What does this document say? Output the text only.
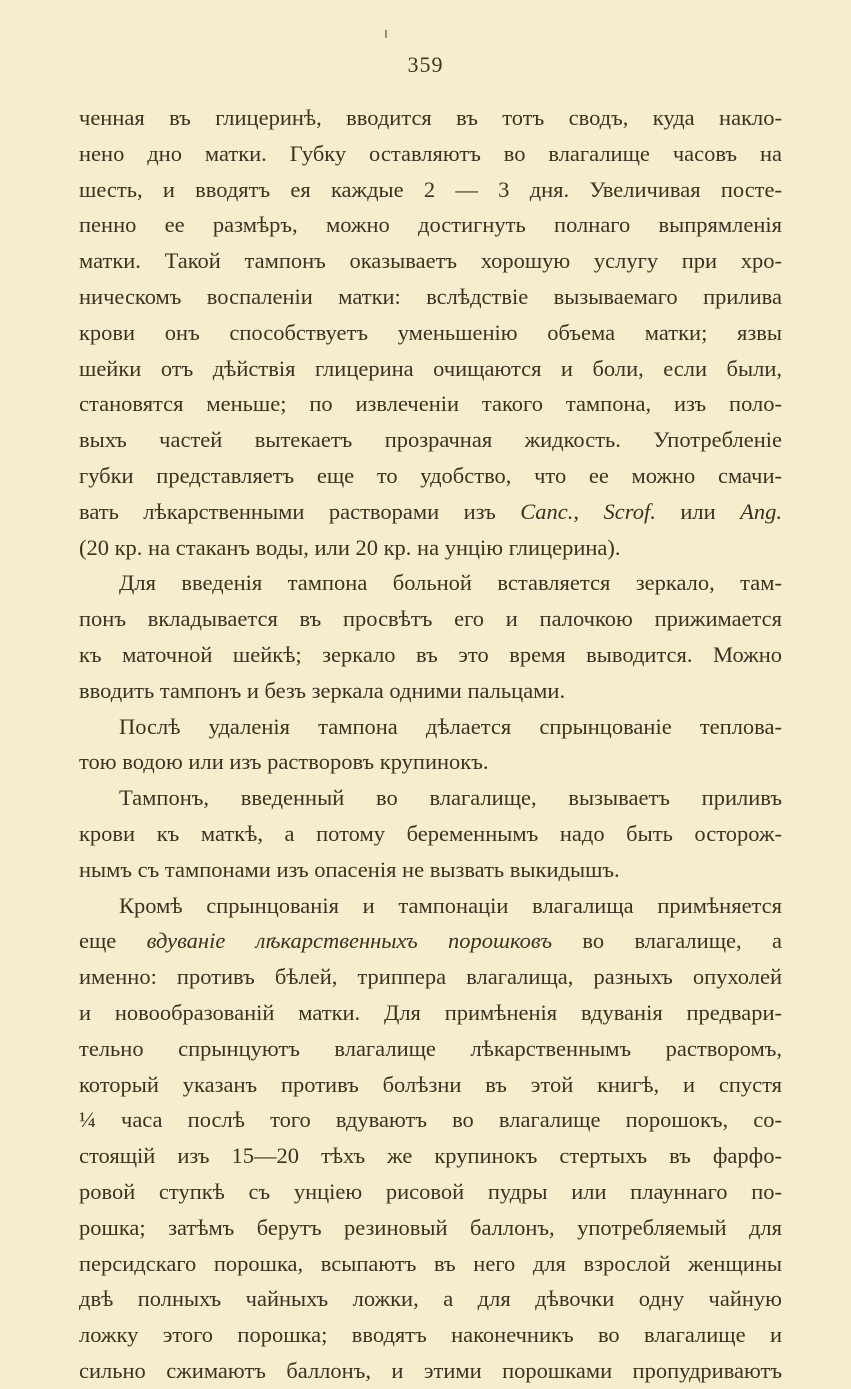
359
ченная въ глицеринѣ, вводится въ тотъ сводъ, куда накло-
нено дно матки. Губку оставляютъ во влагалище часовъ на
шесть, и вводятъ ея каждые 2 — 3 дня. Увеличивая посте-
пенно ее размѣръ, можно достигнуть полнаго выпрямленія
матки. Такой тампонъ оказываетъ хорошую услугу при хро-
ническомъ воспаленіи матки: вслѣдствіе вызываемаго прилива
крови онъ способствуетъ уменьшенію объема матки; язвы
шейки отъ дѣйствія глицерина очищаются и боли, если были,
становятся меньше; по извлеченіи такого тампона, изъ поло-
выхъ частей вытекаетъ прозрачная жидкость. Употребленіе
губки представляетъ еще то удобство, что ее можно смачи-
вать лѣкарственными растворами изъ Canc., Scrof. или Ang.
(20 кр. на стаканъ воды, или 20 кр. на унцію глицерина).
Для введенія тампона больной вставляется зеркало, там-
понъ вкладывается въ просвѣтъ его и палочкою прижимается
къ маточной шейкѣ; зеркало въ это время выводится. Можно
вводить тампонъ и безъ зеркала одними пальцами.
Послѣ удаленія тампона дѣлается спрынцованіе теплова-
тою водою или изъ растворовъ крупинокъ.
Тампонъ, введенный во влагалище, вызываетъ приливъ
крови къ маткѣ, а потому беременнымъ надо быть осторож-
нымъ съ тампонами изъ опасенія не вызвать выкидышъ.
Кромѣ спрынцованія и тампонаціи влагалища примѣняется
еще вдуваніе лѣкарственныхъ порошковъ во влагалище, а
именно: противъ бѣлей, триппера влагалища, разныхъ опухолей
и новообразованій матки. Для примѣненія вдуванія предвари-
тельно спрынцуютъ влагалище лѣкарственнымъ растворомъ,
который указанъ противъ болѣзни въ этой книгѣ, и спустя
¼ часа послѣ того вдуваютъ во влагалище порошокъ, со-
стоящій изъ 15—20 тѣхъ же крупинокъ стертыхъ въ фарфо-
ровой ступкѣ съ унціею рисовой пудры или плауннаго по-
рошка; затѣмъ берутъ резиновый баллонъ, употребляемый для
персидскаго порошка, всыпаютъ въ него для взрослой женщины
двѣ полныхъ чайныхъ ложки, а для дѣвочки одну чайную
ложку этого порошка; вводятъ наконечникъ во влагалище и
сильно сжимаютъ баллонъ, и этими порошками пропудриваютъ
